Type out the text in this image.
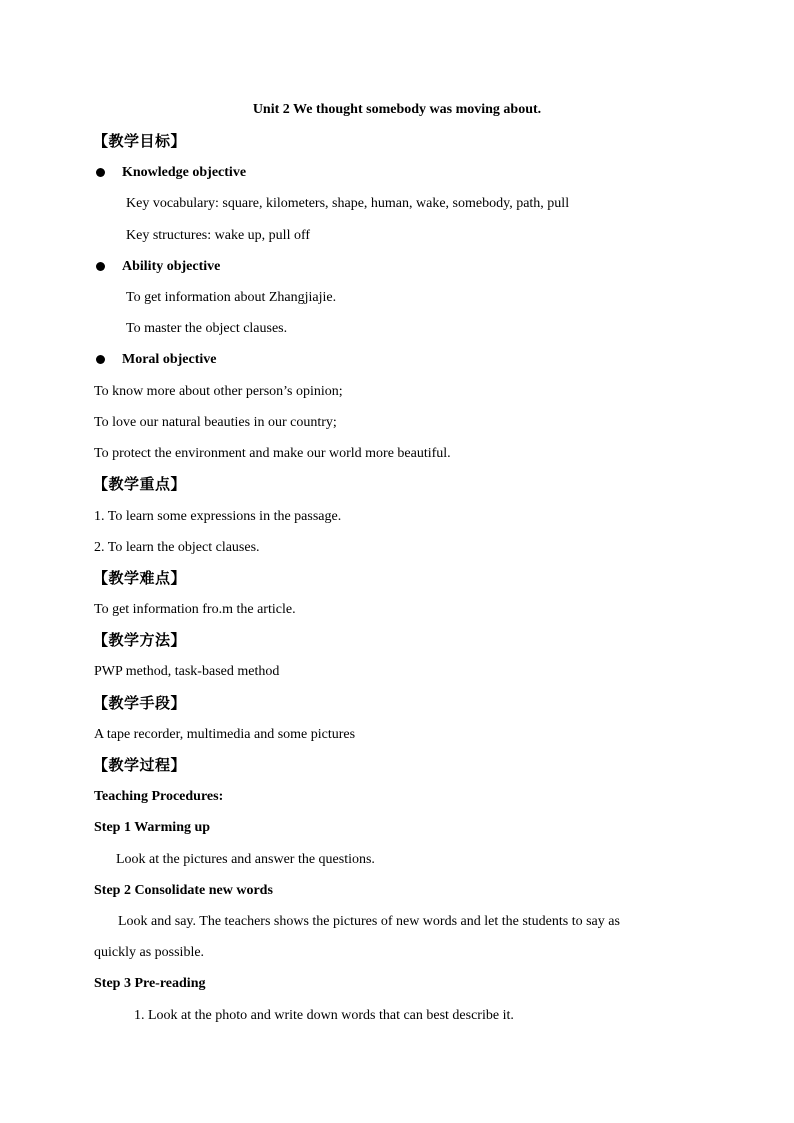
Unit 2 We thought somebody was moving about.
【教学目标】
Knowledge objective
Key vocabulary: square, kilometers, shape, human, wake, somebody, path, pull
Key structures: wake up, pull off
Ability objective
To get information about Zhangjiajie.
To master the object clauses.
Moral objective
To know more about other person’s opinion;
To love our natural beauties in our country;
To protect the environment and make our world more beautiful.
【教学重点】
1. To learn some expressions in the passage.
2. To learn the object clauses.
【教学难点】
To get information fro.m the article.
【教学方法】
PWP method, task-based method
【教学手段】
A tape recorder, multimedia and some pictures
【教学过程】
Teaching Procedures:
Step 1 Warming up
Look at the pictures and answer the questions.
Step 2 Consolidate new words
Look and say. The teachers shows the pictures of new words and let the students to say as
quickly as possible.
Step 3 Pre-reading
1. Look at the photo and write down words that can best describe it.
